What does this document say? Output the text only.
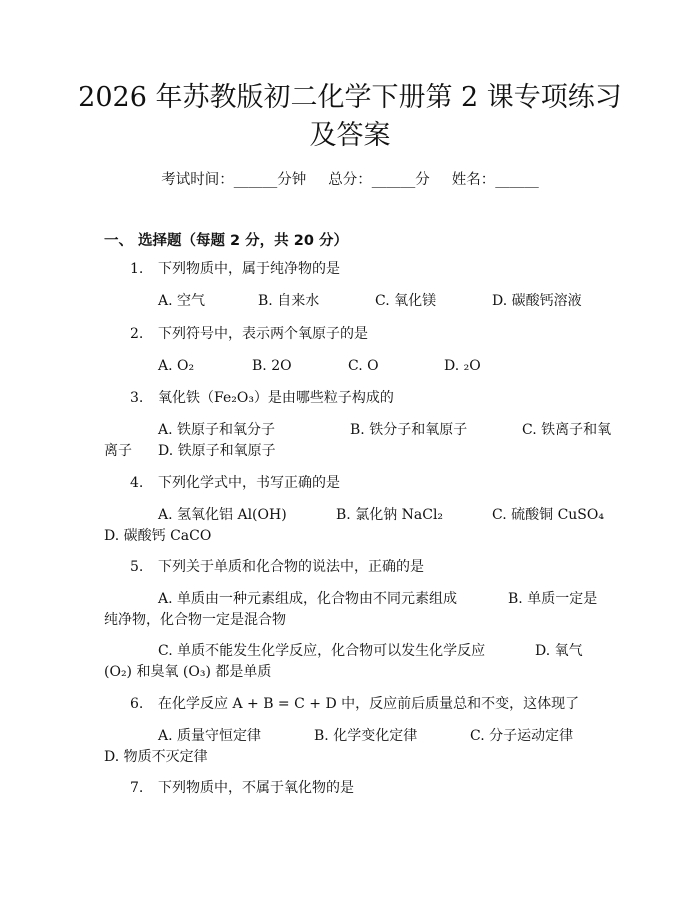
2026 年苏教版初二化学下册第 2 课专项练习
及答案
考试时间：______分钟 总分：______分 姓名：______
一、 选择题（每题 2 分，共 20 分）
1. 下列物质中，属于纯净物的是
A. 空气	B. 自来水	C. 氧化镁	D. 碳酸钙溶液
2. 下列符号中，表示两个氧原子的是
A. O₂	B. 2O	C. O	D. ₂O
3. 氧化铁（Fe₂O₃）是由哪些粒子构成的
A. 铁原子和氧分子	B. 铁分子和氧原子	C. 铁离子和氧
离子 D. 铁原子和氧原子
4. 下列化学式中，书写正确的是
A. 氢氧化铝 Al(OH)	B. 氯化钠 NaCl₂	C. 硫酸铜 CuSO₄
D. 碳酸钙 CaCO
5. 下列关于单质和化合物的说法中，正确的是
A. 单质由一种元素组成，化合物由不同元素组成	B. 单质一定是
纯净物，化合物一定是混合物
C. 单质不能发生化学反应，化合物可以发生化学反应	D. 氧气
(O₂) 和臭氧 (O₃) 都是单质
6. 在化学反应 A + B = C + D 中，反应前后质量总和不变，这体现了
A. 质量守恒定律	B. 化学变化定律	C. 分子运动定律
D. 物质不灭定律
7. 下列物质中，不属于氧化物的是
